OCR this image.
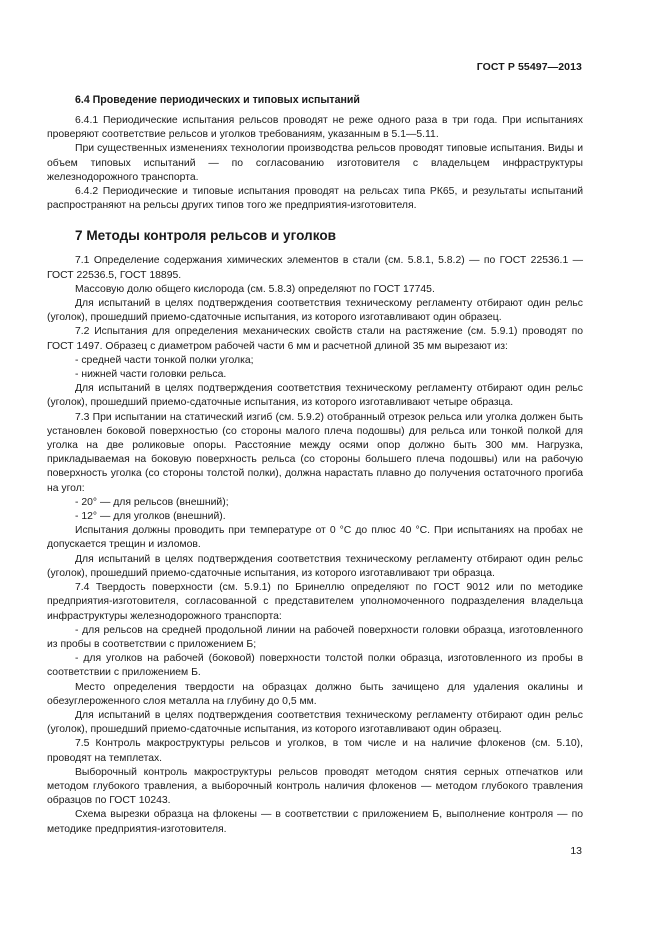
ГОСТ Р 55497—2013
6.4 Проведение периодических и типовых испытаний

6.4.1 Периодические испытания рельсов проводят не реже одного раза в три года. При испытаниях проверяют соответствие рельсов и уголков требованиям, указанным в 5.1—5.11.

При существенных изменениях технологии производства рельсов проводят типовые испытания. Виды и объем типовых испытаний — по согласованию изготовителя с владельцем инфраструктуры железнодорожного транспорта.

6.4.2 Периодические и типовые испытания проводят на рельсах типа РК65, и результаты испытаний распространяют на рельсы других типов того же предприятия-изготовителя.

7 Методы контроля рельсов и уголков

7.1 Определение содержания химических элементов в стали (см. 5.8.1, 5.8.2) — по ГОСТ 22536.1 — ГОСТ 22536.5, ГОСТ 18895.

Массовую долю общего кислорода (см. 5.8.3) определяют по ГОСТ 17745.

Для испытаний в целях подтверждения соответствия техническому регламенту отбирают один рельс (уголок), прошедший приемо-сдаточные испытания, из которого изготавливают один образец.

7.2 Испытания для определения механических свойств стали на растяжение (см. 5.9.1) проводят по ГОСТ 1497. Образец с диаметром рабочей части 6 мм и расчетной длиной 35 мм вырезают из:

- средней части тонкой полки уголка;

- нижней части головки рельса.

Для испытаний в целях подтверждения соответствия техническому регламенту отбирают один рельс (уголок), прошедший приемо-сдаточные испытания, из которого изготавливают четыре образца.

7.3 При испытании на статический изгиб (см. 5.9.2) отобранный отрезок рельса или уголка должен быть установлен боковой поверхностью (со стороны малого плеча подошвы) для рельса или тонкой полкой для уголка на две роликовые опоры. Расстояние между осями опор должно быть 300 мм. Нагрузка, прикладываемая на боковую поверхность рельса (со стороны большего плеча подошвы) или на рабочую поверхность уголка (со стороны толстой полки), должна нарастать плавно до получения остаточного прогиба на угол:

- 20° — для рельсов (внешний);

- 12° — для уголков (внешний).

Испытания должны проводить при температуре от 0 °С до плюс 40 °С. При испытаниях на пробах не допускается трещин и изломов.

Для испытаний в целях подтверждения соответствия техническому регламенту отбирают один рельс (уголок), прошедший приемо-сдаточные испытания, из которого изготавливают три образца.

7.4 Твердость поверхности (см. 5.9.1) по Бринеллю определяют по ГОСТ 9012 или по методике предприятия-изготовителя, согласованной с представителем уполномоченного подразделения владельца инфраструктуры железнодорожного транспорта:

- для рельсов на средней продольной линии на рабочей поверхности головки образца, изготовленного из пробы в соответствии с приложением Б;

- для уголков на рабочей (боковой) поверхности толстой полки образца, изготовленного из пробы в соответствии с приложением Б.

Место определения твердости на образцах должно быть зачищено для удаления окалины и обезуглероженного слоя металла на глубину до 0,5 мм.

Для испытаний в целях подтверждения соответствия техническому регламенту отбирают один рельс (уголок), прошедший приемо-сдаточные испытания, из которого изготавливают один образец.

7.5 Контроль макроструктуры рельсов и уголков, в том числе и на наличие флокенов (см. 5.10), проводят на темплетах.

Выборочный контроль макроструктуры рельсов проводят методом снятия серных отпечатков или методом глубокого травления, а выборочный контроль наличия флокенов — методом глубокого травления образцов по ГОСТ 10243.

Схема вырезки образца на флокены — в соответствии с приложением Б, выполнение контроля — по методике предприятия-изготовителя.

13
